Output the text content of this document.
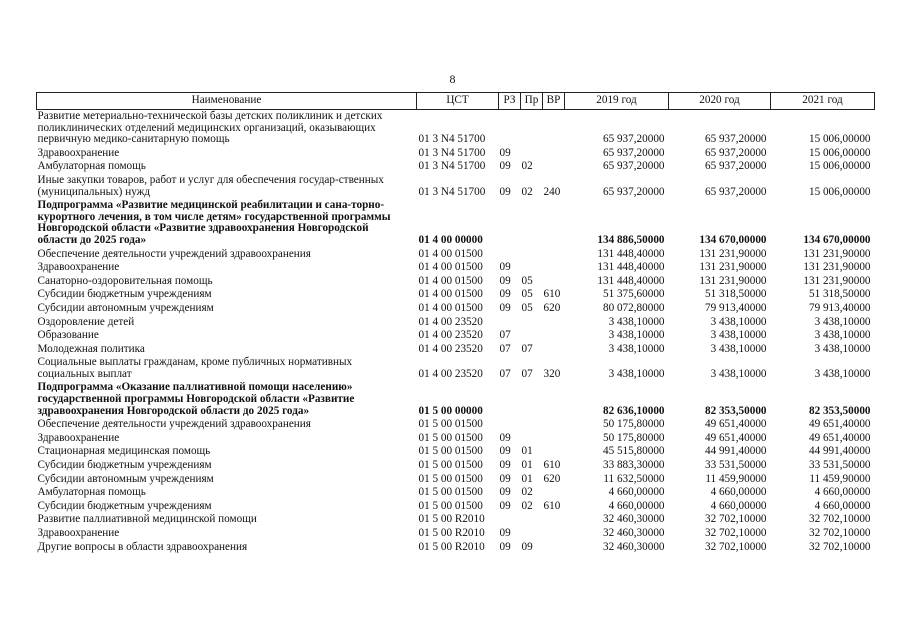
8
Наименование	ЦСТ	РЗ	Пр	ВР	2019 год	2020 год	2021 год
Развитие метериально-технической базы детских поликлиник и детских поликлинических отделений медицинских организаций, оказывающих первичную медико-санитарную помощь	01 3 N4 51700				65 937,20000	65 937,20000	15 006,00000
Здравоохранение	01 3 N4 51700	09			65 937,20000	65 937,20000	15 006,00000
Амбулаторная помощь	01 3 N4 51700	09	02		65 937,20000	65 937,20000	15 006,00000
Иные закупки товаров, работ и услуг для обеспечения государ-ственных (муниципальных) нужд	01 3 N4 51700	09	02	240	65 937,20000	65 937,20000	15 006,00000
Подпрограмма «Развитие медицинской реабилитации и сана-торно-курортного лечения, в том числе детям» государственной программы Новгородской области «Развитие здравоохранения Новгородской области до 2025 года»	01 4 00 00000				134 886,50000	134 670,00000	134 670,00000
Обеспечение деятельности учреждений здравоохранения	01 4 00 01500				131 448,40000	131 231,90000	131 231,90000
Здравоохранение	01 4 00 01500	09			131 448,40000	131 231,90000	131 231,90000
Санаторно-оздоровительная помощь	01 4 00 01500	09	05		131 448,40000	131 231,90000	131 231,90000
Субсидии бюджетным учреждениям	01 4 00 01500	09	05	610	51 375,60000	51 318,50000	51 318,50000
Субсидии автономным учреждениям	01 4 00 01500	09	05	620	80 072,80000	79 913,40000	79 913,40000
Оздоровление детей	01 4 00 23520				3 438,10000	3 438,10000	3 438,10000
Образование	01 4 00 23520	07			3 438,10000	3 438,10000	3 438,10000
Молодежная политика	01 4 00 23520	07	07		3 438,10000	3 438,10000	3 438,10000
Социальные выплаты гражданам, кроме публичных нормативных социальных выплат	01 4 00 23520	07	07	320	3 438,10000	3 438,10000	3 438,10000
Подпрограмма «Оказание паллиативной помощи населению» государственной программы Новгородской области «Развитие здравоохранения Новгородской области до 2025 года»	01 5 00 00000				82 636,10000	82 353,50000	82 353,50000
Обеспечение деятельности учреждений здравоохранения	01 5 00 01500				50 175,80000	49 651,40000	49 651,40000
Здравоохранение	01 5 00 01500	09			50 175,80000	49 651,40000	49 651,40000
Стационарная медицинская помощь	01 5 00 01500	09	01		45 515,80000	44 991,40000	44 991,40000
Субсидии бюджетным учреждениям	01 5 00 01500	09	01	610	33 883,30000	33 531,50000	33 531,50000
Субсидии автономным учреждениям	01 5 00 01500	09	01	620	11 632,50000	11 459,90000	11 459,90000
Амбулаторная помощь	01 5 00 01500	09	02		4 660,00000	4 660,00000	4 660,00000
Субсидии бюджетным учреждениям	01 5 00 01500	09	02	610	4 660,00000	4 660,00000	4 660,00000
Развитие паллиативной медицинской помощи	01 5 00 R2010				32 460,30000	32 702,10000	32 702,10000
Здравоохранение	01 5 00 R2010	09			32 460,30000	32 702,10000	32 702,10000
Другие вопросы в области здравоохранения	01 5 00 R2010	09	09		32 460,30000	32 702,10000	32 702,10000
